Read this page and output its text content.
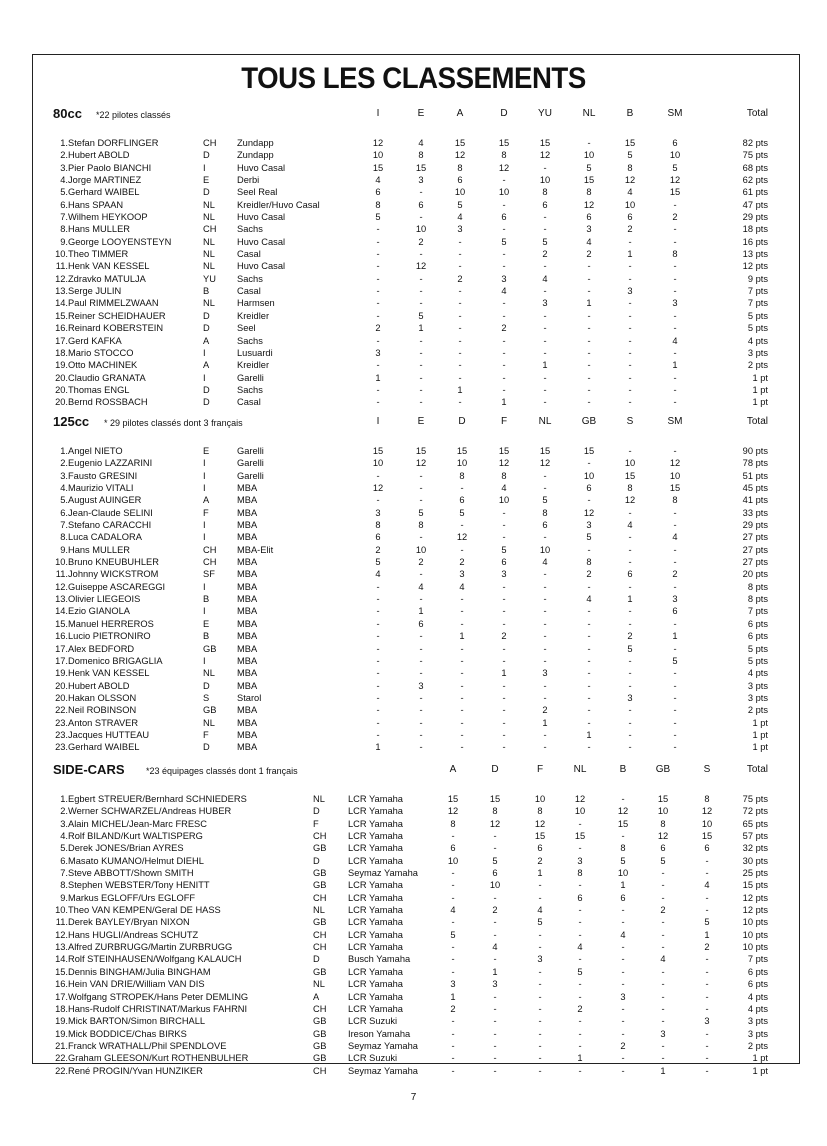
TOUS LES CLASSEMENTS
7
80cc *22 pilotes classés	I	E	A	D	YU	NL	B	SM	Total
1. Stefan DORFLINGER	CH Zundapp	12	4	15	15	15	-	15	6	82 pts
2. Hubert ABOLD	D	Zundapp	10	8	12	8	12	10	5	10	75 pts
3. Pier Paolo BIANCHI	I	Huvo Casal	15	15	8	12	-	5	8	5	68 pts
4. Jorge MARTINEZ	E	Derbi	4	3	6	-	10	15	12	12	62 pts
5. Gerhard WAIBEL	D	Seel Real	6	-	10	10	8	8	4	15	61 pts
6. Hans SPAAN	NL Kreidler/Huvo Casal	8	6	5	-	6	12	10	-	47 pts
7. Wilhem HEYKOOP	NL Huvo Casal	5	-	4	6	-	6	6	2	29 pts
8. Hans MULLER	CH Sachs	-	10	3	-	-	3	2	-	18 pts
9. George LOOYENSTEYN	NL Huvo Casal	-	2	-	5	5	4	-	-	16 pts
10. Theo TIMMER	NL Casal	-	-	-	-	2	2	1	8	13 pts
11. Henk VAN KESSEL	NL Huvo Casal	-	12	-	-	-	-	-	-	12 pts
12. Zdravko MATULJA	YU Sachs	-	-	2	3	4	-	-	-	9 pts
13. Serge JULIN	B	Casal	-	-	-	4	-	-	3	-	7 pts
14. Paul RIMMELZWAAN	NL Harmsen	-	-	-	-	3	1	-	3	7 pts
15. Reiner SCHEIDHAUER	D	Kreidler	-	5	-	-	-	-	-	-	5 pts
16. Reinard KOBERSTEIN	D	Seel	2	1	-	2	-	-	-	-	5 pts
17. Gerd KAFKA	A	Sachs	-	-	-	-	-	-	-	4	4 pts
18. Mario STOCCO	I	Lusuardi	3	-	-	-	-	-	-	-	3 pts
19. Otto MACHINEK	A	Kreidler	-	-	-	-	1	-	-	1	2 pts
20. Claudio GRANATA	I	Garelli	1	-	-	-	-	-	-	-	1 pt
20. Thomas ENGL	D	Sachs	-	-	1	-	-	-	-	-	1 pt
20. Bernd ROSSBACH	D	Casal	-	-	-	1	-	-	-	-	1 pt
125cc * 29 pilotes classés dont 3 français	I	E	D	F	NL	GB	S	SM	Total
1. Angel NIETO	E	Garelli	15	15	15	15	15	15	-	-	90 pts
2. Eugenio LAZZARINI	I	Garelli	10	12	10	12	12	-	10	12	78 pts
3. Fausto GRESINI	I	Garelli	-	-	8	8	-	10	15	10	51 pts
4. Maurizio VITALI	I	MBA	12	-	-	4	-	6	8	15	45 pts
5. August AUINGER	A	MBA	-	-	6	10	5	-	12	8	41 pts
6. Jean-Claude SELINI	F	MBA	3	5	5	-	8	12	-	-	33 pts
7. Stefano CARACCHI	I	MBA	8	8	-	-	6	3	4	-	29 pts
8. Luca CADALORA	I	MBA	6	-	12	-	-	5	-	4	27 pts
9. Hans MULLER	CH MBA-Elit	2	10	-	5	10	-	-	-	27 pts
10. Bruno KNEUBUHLER	CH MBA	5	2	2	6	4	8	-	-	27 pts
11. Johnny WICKSTROM	SF MBA	4	-	3	3	-	2	6	2	20 pts
12. Guiseppe ASCAREGGI	I	MBA	-	4	4	-	-	-	-	-	8 pts
13. Olivier LIEGEOIS	B	MBA	-	-	-	-	-	4	1	3	8 pts
14. Ezio GIANOLA	I	MBA	-	1	-	-	-	-	-	6	7 pts
15. Manuel HERREROS	E	MBA	-	6	-	-	-	-	-	-	6 pts
16. Lucio PIETRONIRO	B	MBA	-	-	1	2	-	-	2	1	6 pts
17. Alex BEDFORD	GB MBA	-	-	-	-	-	-	5	-	5 pts
17. Domenico BRIGAGLIA	I	MBA	-	-	-	-	-	-	-	5	5 pts
19. Henk VAN KESSEL	NL MBA	-	-	-	1	3	-	-	-	4 pts
20. Hubert ABOLD	D	MBA	-	3	-	-	-	-	-	-	3 pts
20. Hakan OLSSON	S	Starol	-	-	-	-	-	-	3	-	3 pts
22. Neil ROBINSON	GB MBA	-	-	-	-	2	-	-	-	2 pts
23. Anton STRAVER	NL MBA	-	-	-	-	1	-	-	-	1 pt
23. Jacques HUTTEAU	F	MBA	-	-	-	-	-	1	-	-	1 pt
23. Gerhard WAIBEL	D	MBA	1	-	-	-	-	-	-	-	1 pt
SIDE-CARS *23 équipages classés dont 1 français	A	D	F	NL	B	GB	S	Total
1. Egbert STREUER/Bernhard SCHNIEDERS	NL LCR Yamaha	15	15	10	12	-	15	8	75 pts
2. Werner SCHWARZEL/Andreas HUBER	D	LCR Yamaha	12	8	8	10	12	10	12	72 pts
3. Alain MICHEL/Jean-Marc FRESC	F	LCR Yamaha	8	12	12	-	15	8	10	65 pts
4. Rolf BILAND/Kurt WALTISPERG	CH LCR Yamaha	-	-	15	15	-	12	15	57 pts
5. Derek JONES/Brian AYRES	GB LCR Yamaha	6	-	6	-	8	6	6	32 pts
6. Masato KUMANO/Helmut DIEHL	D	LCR Yamaha	10	5	2	3	5	5	-	30 pts
7. Steve ABBOTT/Shown SMITH	GB Seymaz Yamaha	-	6	1	8	10	-	-	25 pts
8. Stephen WEBSTER/Tony HENITT	GB LCR Yamaha	-	10	-	-	1	-	4	15 pts
9. Markus EGLOFF/Urs EGLOFF	CH LCR Yamaha	-	-	-	6	6	-	-	12 pts
10. Theo VAN KEMPEN/Geral DE HASS	NL LCR Yamaha	4	2	4	-	-	2	-	12 pts
11. Derek BAYLEY/Bryan NIXON	GB LCR Yamaha	-	-	5	-	-	-	5	10 pts
12. Hans HUGLI/Andreas SCHUTZ	CH LCR Yamaha	5	-	-	-	4	-	1	10 pts
13. Alfred ZURBRUGG/Martin ZURBRUGG	CH LCR Yamaha	-	4	-	4	-	-	2	10 pts
14. Rolf STEINHAUSEN/Wolfgang KALAUCH	D	Busch Yamaha	-	-	3	-	-	4	-	7 pts
15. Dennis BINGHAM/Julia BINGHAM	GB LCR Yamaha	-	1	-	5	-	-	-	6 pts
16. Hein VAN DRIE/William VAN DIS	NL LCR Yamaha	3	3	-	-	-	-	-	6 pts
17. Wolfgang STROPEK/Hans Peter DEMLING	A	LCR Yamaha	1	-	-	-	3	-	-	4 pts
18. Hans-Rudolf CHRISTINAT/Markus FAHRNI	CH LCR Yamaha	2	-	-	2	-	-	-	4 pts
19. Mick BARTON/Simon BIRCHALL	GB LCR Suzuki	-	-	-	-	-	-	3	3 pts
19. Mick BODDICE/Chas BIRKS	GB Ireson Yamaha	-	-	-	-	-	3	-	3 pts
21. Franck WRATHALL/Phil SPENDLOVE	GB Seymaz Yamaha	-	-	-	-	2	-	-	2 pts
22. Graham GLEESON/Kurt ROTHENBULHER	GB LCR Suzuki	-	-	-	1	-	-	-	1 pt
22. René PROGIN/Yvan HUNZIKER	CH Seymaz Yamaha	-	-	-	-	-	1	-	1 pt
